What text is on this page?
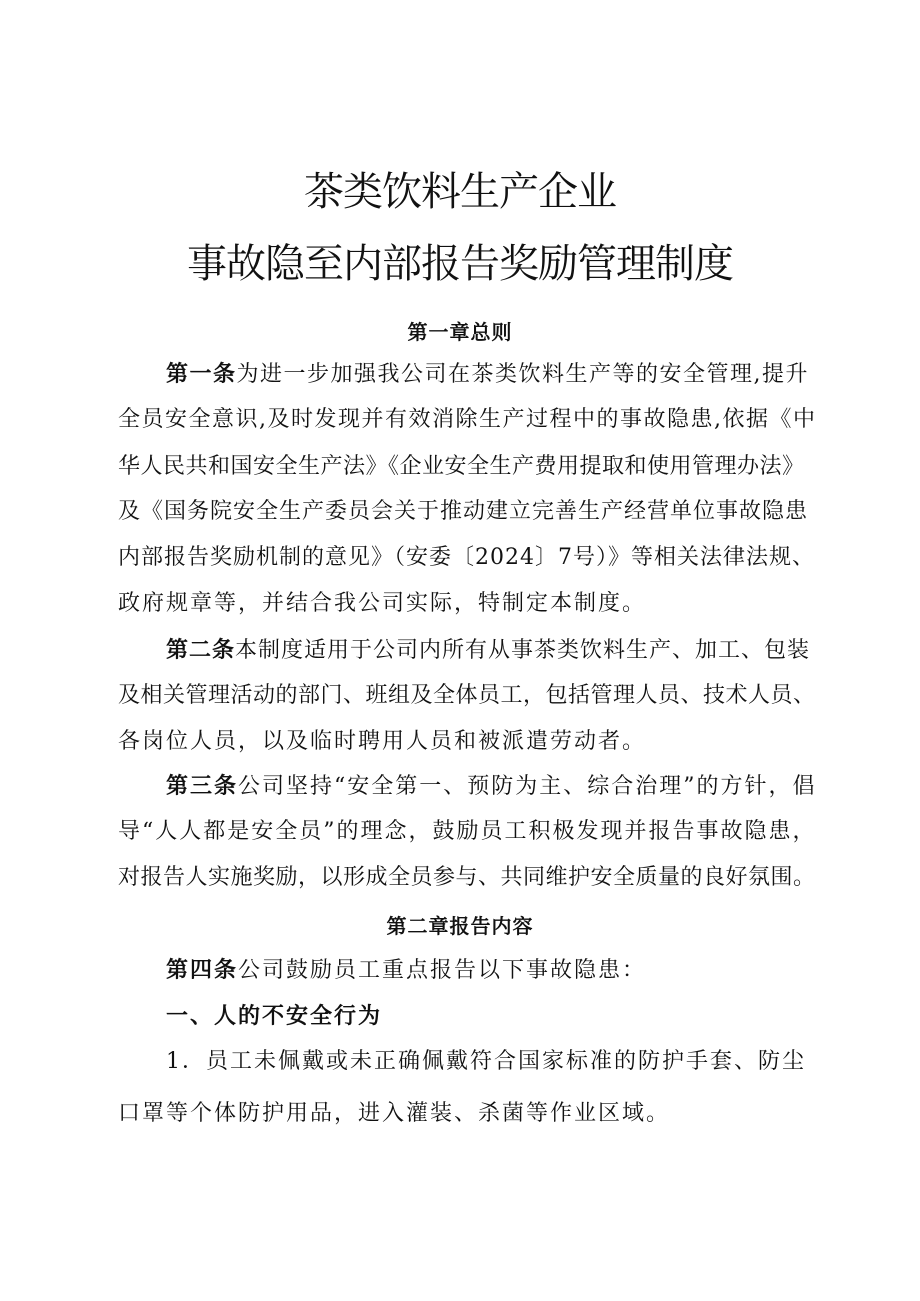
茶类饮料生产企业
事故隐至内部报告奖励管理制度
第一章总则
第一条为进一步加强我公司在茶类饮料生产等的安全管理,提升
全员安全意识,及时发现并有效消除生产过程中的事故隐患,依据《中
华人民共和国安全生产法》《企业安全生产费用提取和使用管理办法》
及《国务院安全生产委员会关于推动建立完善生产经营单位事故隐患
内部报告奖励机制的意见》（安委〔2024〕7号）》等相关法律法规、
政府规章等，并结合我公司实际，特制定本制度。
第二条本制度适用于公司内所有从事茶类饮料生产、加工、包装
及相关管理活动的部门、班组及全体员工，包括管理人员、技术人员、
各岗位人员，以及临时聘用人员和被派遣劳动者。
第三条公司坚持“安全第一、预防为主、综合治理”的方针，倡
导“人人都是安全员”的理念，鼓励员工积极发现并报告事故隐患，
对报告人实施奖励，以形成全员参与、共同维护安全质量的良好氛围。
第二章报告内容
第四条公司鼓励员工重点报告以下事故隐患：
一、人的不安全行为
1．员工未佩戴或未正确佩戴符合国家标准的防护手套、防尘
口罩等个体防护用品，进入灌装、杀菌等作业区域。
